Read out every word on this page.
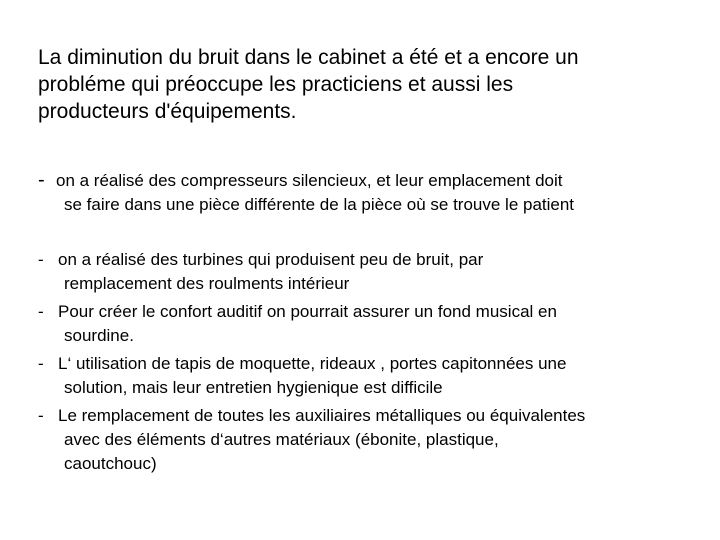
La diminution du bruit dans le cabinet a été et a encore un
probléme qui préoccupe les practiciens et aussi les
producteurs d'équipements.

- on a réalisé des compresseurs silencieux, et leur emplacement doit
se faire dans une pièce différente de la pièce où se trouve le patient
- on a réalisé des turbines qui produisent peu de bruit, par
remplacement des roulments intérieur
- Pour créer le confort auditif on pourrait assurer un fond musical en
sourdine.
- L‘ utilisation de tapis de moquette, rideaux , portes capitonnées une
solution, mais leur entretien hygienique est difficile
- Le remplacement de toutes les auxiliaires métalliques ou équivalentes
avec des éléments d‘autres matériaux (ébonite, plastique,
caoutchouc)
